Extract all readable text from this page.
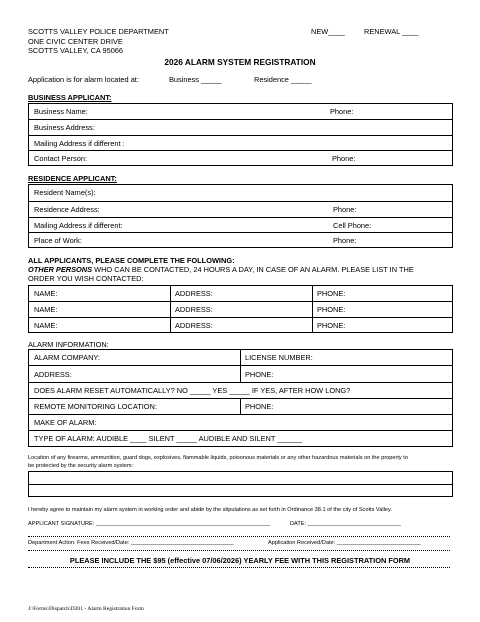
SCOTTS VALLEY POLICE DEPARTMENT
ONE CIVIC CENTER DRIVE
SCOTTS VALLEY, CA 95066
NEW____	RENEWAL ____
2026 ALARM SYSTEM REGISTRATION
Application is for alarm located at:	Business _____	Residence _____
BUSINESS APPLICANT:
Business Name:	Phone:
Business Address:
Mailing Address if different :
Contact Person:	Phone:
RESIDENCE APPLICANT:
Resident Name(s):
Residence Address:	Phone:
Mailing Address if different:	Cell Phone:
Place of Work:	Phone:
ALL APPLICANTS, PLEASE COMPLETE THE FOLLOWING:
OTHER PERSONS WHO CAN BE CONTACTED, 24 HOURS A DAY, IN CASE OF AN ALARM. PLEASE LIST IN THE
ORDER YOU WISH CONTACTED:
NAME:	ADDRESS:	PHONE:
NAME:	ADDRESS:	PHONE:
NAME:	ADDRESS:	PHONE:
ALARM INFORMATION:
ALARM COMPANY:	LICENSE NUMBER:
ADDRESS:	PHONE:
DOES ALARM RESET AUTOMATICALLY? NO _____ YES _____ IF YES, AFTER HOW LONG?
REMOTE MONITORING LOCATION:	PHONE:
MAKE OF ALARM:
TYPE OF ALARM: AUDIBLE ____ SILENT _____ AUDIBLE AND SILENT ______
Location of any firearms, ammunition, guard dogs, explosives, flammable liquids, poisonous materials or any other hazardous materials on the property to
be protected by the security alarm system:
I hereby agree to maintain my alarm system in working order and abide by the stipulations as set forth in Ordinance 38.1 of the city of Scotts Valley.
APPLICANT SIGNATURE: ________________________________________________________	DATE: ______________________________
Department Action: Fees Received/Date: _________________________________	Application Received/Date: ___________________________
PLEASE INCLUDE THE $95 (effective 07/06/2026) YEARLY FEE WITH THIS REGISTRATION FORM
J:\Forms\Dispatch\D201 - Alarm Registration Form
